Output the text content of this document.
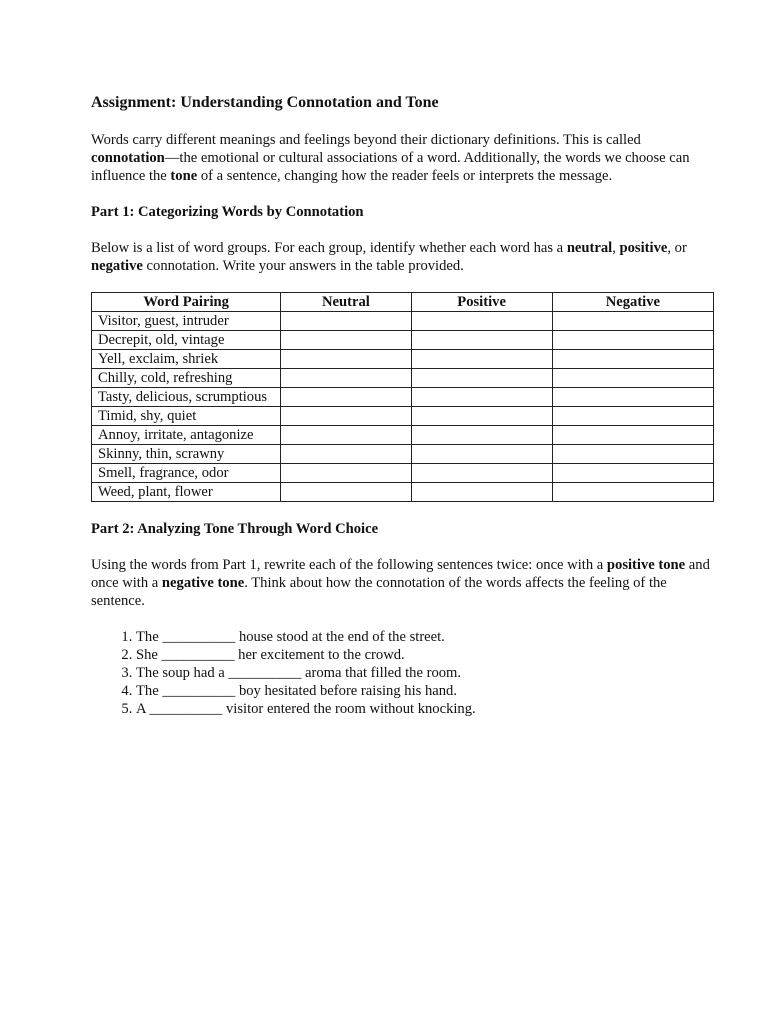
Assignment: Understanding Connotation and Tone

Words carry different meanings and feelings beyond their dictionary definitions. This is called connotation—the emotional or cultural associations of a word. Additionally, the words we choose can influence the tone of a sentence, changing how the reader feels or interprets the message.

Part 1: Categorizing Words by Connotation

Below is a list of word groups. For each group, identify whether each word has a neutral, positive, or negative connotation. Write your answers in the table provided.

Word Pairing	Neutral	Positive	Negative
Visitor, guest, intruder			
Decrepit, old, vintage			
Yell, exclaim, shriek			
Chilly, cold, refreshing			
Tasty, delicious, scrumptious			
Timid, shy, quiet			
Annoy, irritate, antagonize			
Skinny, thin, scrawny			
Smell, fragrance, odor			
Weed, plant, flower			
Part 2: Analyzing Tone Through Word Choice

Using the words from Part 1, rewrite each of the following sentences twice: once with a positive tone and once with a negative tone. Think about how the connotation of the words affects the feeling of the sentence.

1. The __________ house stood at the end of the street.
2. She __________ her excitement to the crowd.
3. The soup had a __________ aroma that filled the room.
4. The __________ boy hesitated before raising his hand.
5. A __________ visitor entered the room without knocking.
